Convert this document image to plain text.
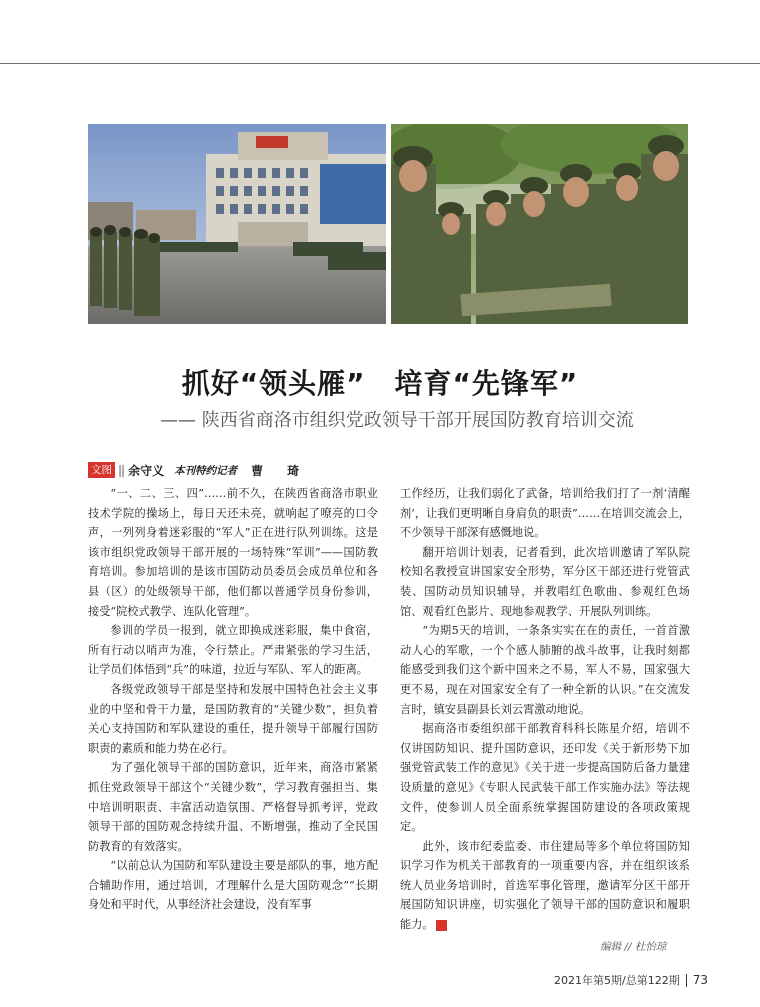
抓好“领头雁”　培育“先锋军”
—— 陕西省商洛市组织党政领导干部开展国防教育培训交流
文图 || 余守义 本刊特约记者 曹　琦

“一、二、三、四”……前不久，在陕西省商洛市职业技术学院的操场上，每日天还未亮，就响起了嘹亮的口令声，一列列身着迷彩服的“军人”正在进行队列训练。这是该市组织党政领导干部开展的一场特殊“军训”——国防教育培训。参加培训的是该市国防动员委员会成员单位和各县（区）的处级领导干部，他们都以普通学员身份参训，接受“院校式教学、连队化管理”。

参训的学员一报到，就立即换成迷彩服，集中食宿，所有行动以哨声为准，令行禁止。严肃紧张的学习生活，让学员们体悟到“兵”的味道，拉近与军队、军人的距离。

各级党政领导干部是坚持和发展中国特色社会主义事业的中坚和骨干力量，是国防教育的“关键少数”，担负着关心支持国防和军队建设的重任，提升领导干部履行国防职责的素质和能力势在必行。

为了强化领导干部的国防意识，近年来，商洛市紧紧抓住党政领导干部这个“关键少数”，学习教育强担当、集中培训明职责、丰富活动造氛围、严格督导抓考评，党政领导干部的国防观念持续升温、不断增强，推动了全民国防教育的有效落实。

“以前总认为国防和军队建设主要是部队的事，地方配合辅助作用，通过培训，才理解什么是大国防观念”“长期身处和平时代，从事经济社会建设，没有军事

工作经历，让我们弱化了武备，培训给我们打了一剂‘清醒剂’，让我们更明晰自身肩负的职责”……在培训交流会上，不少领导干部深有感慨地说。

翻开培训计划表，记者看到，此次培训邀请了军队院校知名教授宣讲国家安全形势，军分区干部还进行党管武装、国防动员知识辅导，并教唱红色歌曲、参观红色场馆、观看红色影片、现地参观教学、开展队列训练。

“为期5天的培训，一条条实实在在的责任，一首首激动人心的军歌，一个个感人肺腑的战斗故事，让我时刻都能感受到我们这个新中国来之不易，军人不易，国家强大更不易，现在对国家安全有了一种全新的认识。”在交流发言时，镇安县副县长刘云霄激动地说。

据商洛市委组织部干部教育科科长陈星介绍，培训不仅讲国防知识、提升国防意识，还印发《关于新形势下加强党管武装工作的意见》《关于进一步提高国防后备力量建设质量的意见》《专职人民武装干部工作实施办法》等法规文件，使参训人员全面系统掌握国防建设的各项政策规定。

此外，该市纪委监委、市住建局等多个单位将国防知识学习作为机关干部教育的一项重要内容，并在组织该系统人员业务培训时，首选军事化管理，邀请军分区干部开展国防知识讲座，切实强化了领导干部的国防意识和履职能力。	G

编辑 // 杜怡琼
2021年第5期/总第122期 73
